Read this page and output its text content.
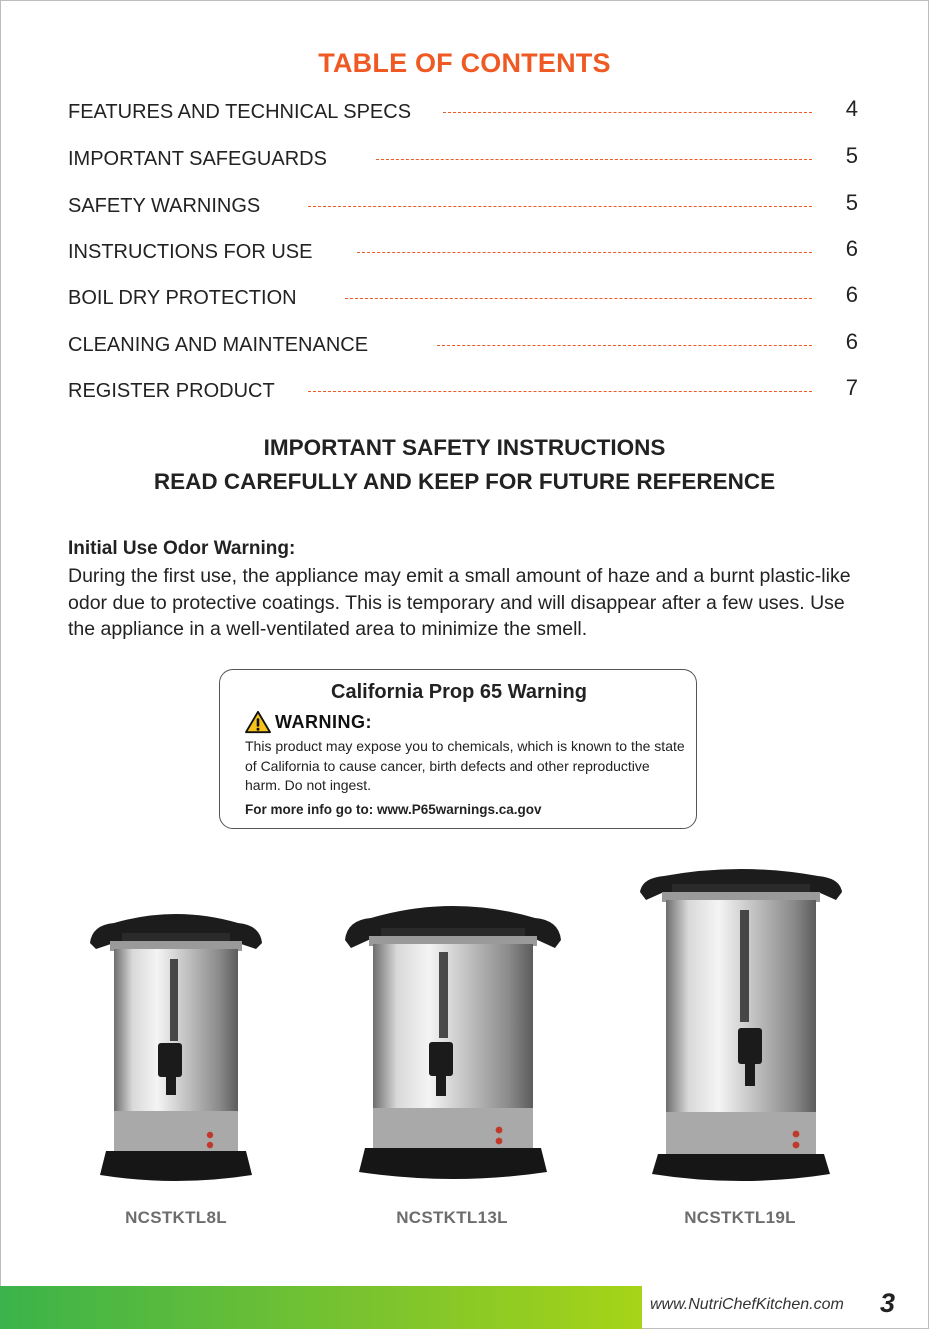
TABLE OF CONTENTS
FEATURES AND TECHNICAL SPECS	4
IMPORTANT SAFEGUARDS	5
SAFETY WARNINGS	5
INSTRUCTIONS FOR USE	6
BOIL DRY PROTECTION	6
CLEANING AND MAINTENANCE	6
REGISTER PRODUCT	7
IMPORTANT SAFETY INSTRUCTIONS
READ CAREFULLY AND KEEP FOR FUTURE REFERENCE
Initial Use Odor Warning:
During the first use, the appliance may emit a small amount of haze and a burnt plastic-like odor due to protective coatings. This is temporary and will disappear after a few uses. Use the appliance in a well-ventilated area to minimize the smell.
California Prop 65 Warning
WARNING:
This product may expose you to chemicals, which is known to the state of California to cause cancer, birth defects and other reproductive harm. Do not ingest.
For more info go to: www.P65warnings.ca.gov
NCSTKTL8L	NCSTKTL13L	NCSTKTL19L
www.NutriChefKitchen.com 3
